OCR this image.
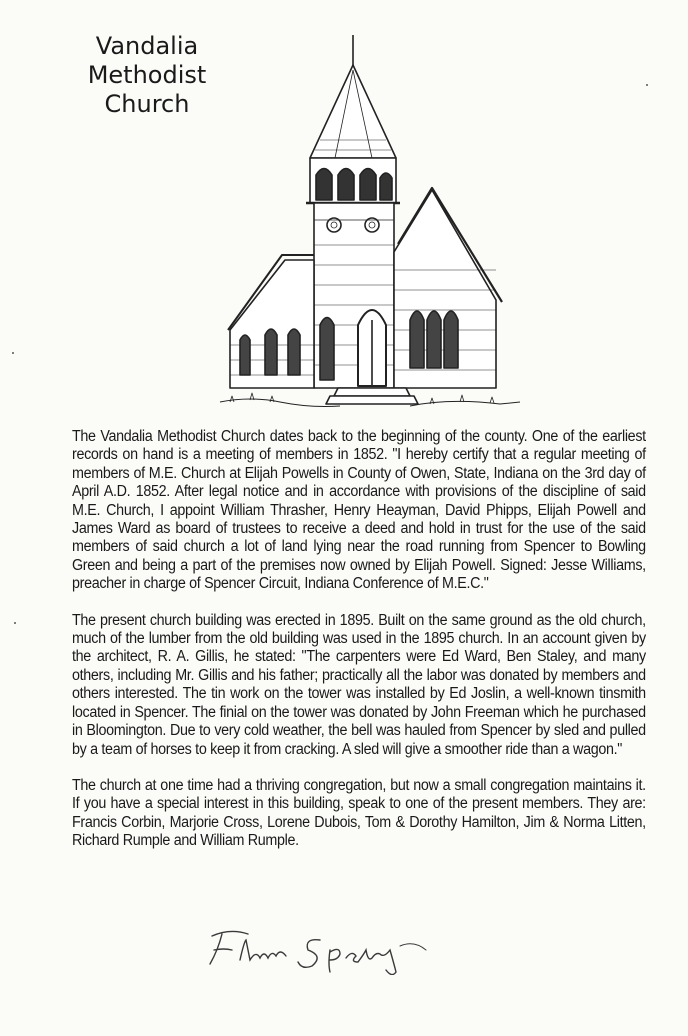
Vandalia
Methodist
Church

The Vandalia Methodist Church dates back to the beginning of the county. One of the earliest records on hand is a meeting of members in 1852. "I hereby certify that a regular meeting of members of M.E. Church at Elijah Powells in County of Owen, State, Indiana on the 3rd day of April A.D. 1852. After legal notice and in accordance with provisions of the discipline of said M.E. Church, I appoint William Thrasher, Henry Heayman, David Phipps, Elijah Powell and James Ward as board of trustees to receive a deed and hold in trust for the use of the said members of said church a lot of land lying near the road running from Spencer to Bowling Green and being a part of the premises now owned by Elijah Powell. Signed: Jesse Williams, preacher in charge of Spencer Circuit, Indiana Conference of M.E.C."

The present church building was erected in 1895. Built on the same ground as the old church, much of the lumber from the old building was used in the 1895 church. In an account given by the architect, R. A. Gillis, he stated: "The carpenters were Ed Ward, Ben Staley, and many others, including Mr. Gillis and his father; practically all the labor was donated by members and others interested. The tin work on the tower was installed by Ed Joslin, a well-known tinsmith located in Spencer. The finial on the tower was donated by John Freeman which he purchased in Bloomington. Due to very cold weather, the bell was hauled from Spencer by sled and pulled by a team of horses to keep it from cracking. A sled will give a smoother ride than a wagon."

The church at one time had a thriving congregation, but now a small congregation maintains it. If you have a special interest in this building, speak to one of the present members. They are: Francis Corbin, Marjorie Cross, Lorene Dubois, Tom & Dorothy Hamilton, Jim & Norma Litten, Richard Rumple and William Rumple.
